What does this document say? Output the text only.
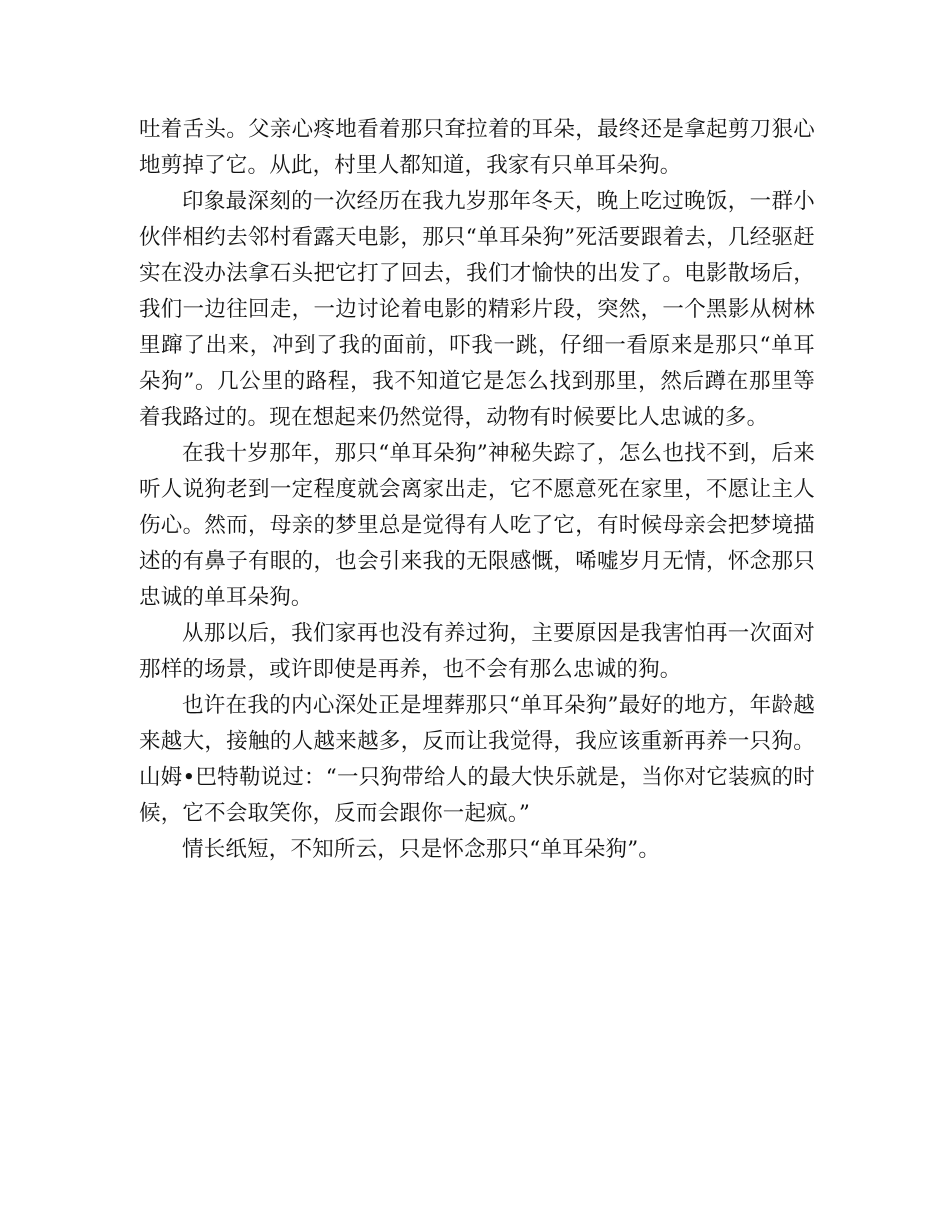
吐着舌头。父亲心疼地看着那只耷拉着的耳朵，最终还是拿起剪刀狠心地剪掉了它。从此，村里人都知道，我家有只单耳朵狗。

印象最深刻的一次经历在我九岁那年冬天，晚上吃过晚饭，一群小伙伴相约去邻村看露天电影，那只“单耳朵狗”死活要跟着去，几经驱赶实在没办法拿石头把它打了回去，我们才愉快的出发了。电影散场后，我们一边往回走，一边讨论着电影的精彩片段，突然，一个黑影从树林里蹿了出来，冲到了我的面前，吓我一跳，仔细一看原来是那只“单耳朵狗”。几公里的路程，我不知道它是怎么找到那里，然后蹲在那里等着我路过的。现在想起来仍然觉得，动物有时候要比人忠诚的多。

在我十岁那年，那只“单耳朵狗”神秘失踪了，怎么也找不到，后来听人说狗老到一定程度就会离家出走，它不愿意死在家里，不愿让主人伤心。然而，母亲的梦里总是觉得有人吃了它，有时候母亲会把梦境描述的有鼻子有眼的，也会引来我的无限感慨，唏嘘岁月无情，怀念那只忠诚的单耳朵狗。

从那以后，我们家再也没有养过狗，主要原因是我害怕再一次面对那样的场景，或许即使是再养，也不会有那么忠诚的狗。

也许在我的内心深处正是埋葬那只“单耳朵狗”最好的地方，年龄越来越大，接触的人越来越多，反而让我觉得，我应该重新再养一只狗。山姆•巴特勒说过：“一只狗带给人的最大快乐就是，当你对它装疯的时候，它不会取笑你，反而会跟你一起疯。”

情长纸短，不知所云，只是怀念那只“单耳朵狗”。
